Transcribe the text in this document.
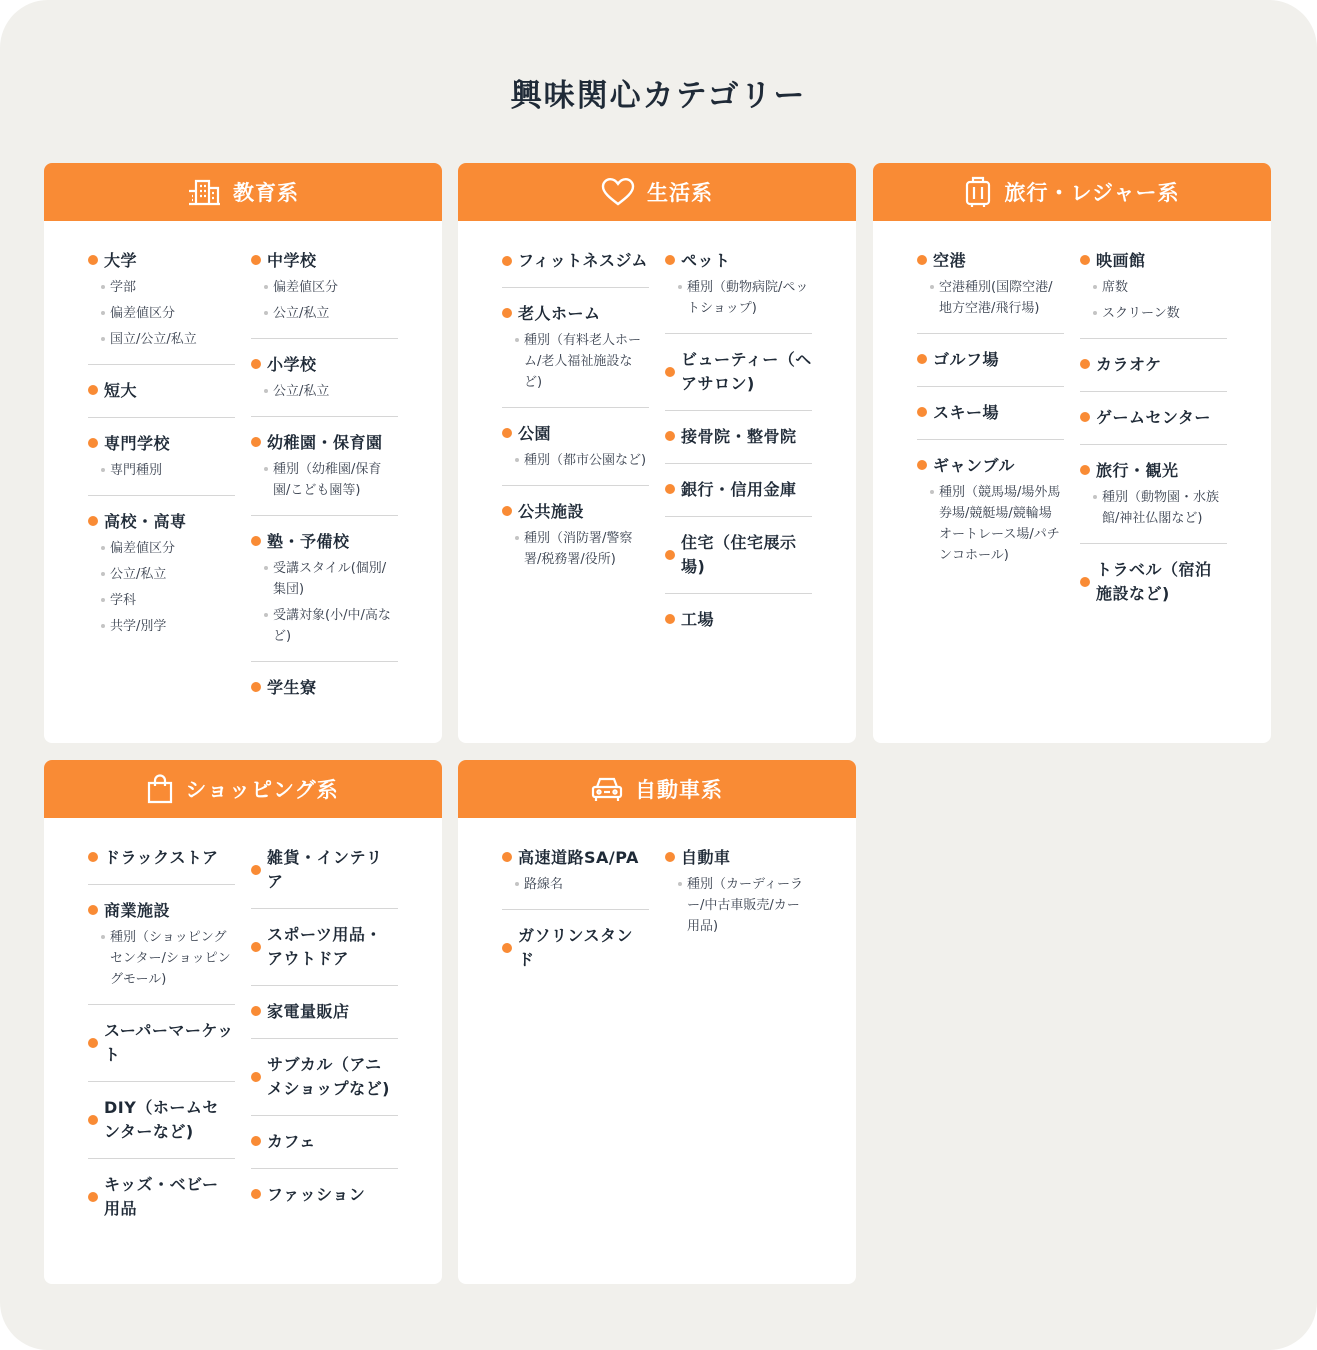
興味関心カテゴリー
教育系
大学
学部
偏差値区分
国立/公立/私立
短大
専門学校
専門種別
高校・高専
偏差値区分
公立/私立
学科
共学/別学
中学校
偏差値区分
公立/私立
小学校
公立/私立
幼稚園・保育園
種別（幼稚園/保育園/こども園等)
塾・予備校
受講スタイル(個別/集団)
受講対象(小/中/高など)
学生寮
生活系
フィットネスジム
老人ホーム
種別（有料老人ホーム/老人福祉施設など)
公園
種別（都市公園など)
公共施設
種別（消防署/警察署/税務署/役所)
ペット
種別（動物病院/ペットショップ)
ビューティー（ヘアサロン)
接骨院・整骨院
銀行・信用金庫
住宅（住宅展示場)
工場
旅行・レジャー系
空港
空港種別(国際空港/地方空港/飛行場)
ゴルフ場
スキー場
ギャンブル
種別（競馬場/場外馬券場/競艇場/競輪場 オートレース場/パチンコホール)
映画館
席数
スクリーン数
カラオケ
ゲームセンター
旅行・観光
種別（動物園・水族館/神社仏閣など)
トラベル（宿泊施設など)
ショッピング系
ドラックストア
商業施設
種別（ショッピングセンター/ショッピングモール)
スーパーマーケット
DIY（ホームセンターなど)
キッズ・ベビー用品
雑貨・インテリア
スポーツ用品・アウトドア
家電量販店
サブカル（アニメショップなど)
カフェ
ファッション
自動車系
高速道路SA/PA
路線名
ガソリンスタンド
自動車
種別（カーディーラー/中古車販売/カー用品)
